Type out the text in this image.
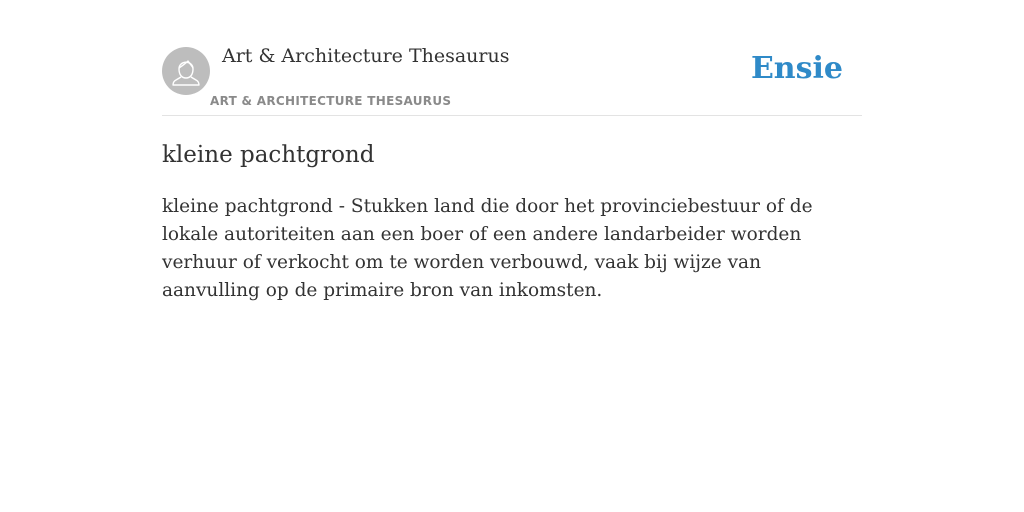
Art & Architecture Thesaurus
ART & ARCHITECTURE THESAURUS
Ensie
kleine pachtgrond

kleine pachtgrond - Stukken land die door het provinciebestuur of de lokale autoriteiten aan een boer of een andere landarbeider worden verhuur of verkocht om te worden verbouwd, vaak bij wijze van aanvulling op de primaire bron van inkomsten.
